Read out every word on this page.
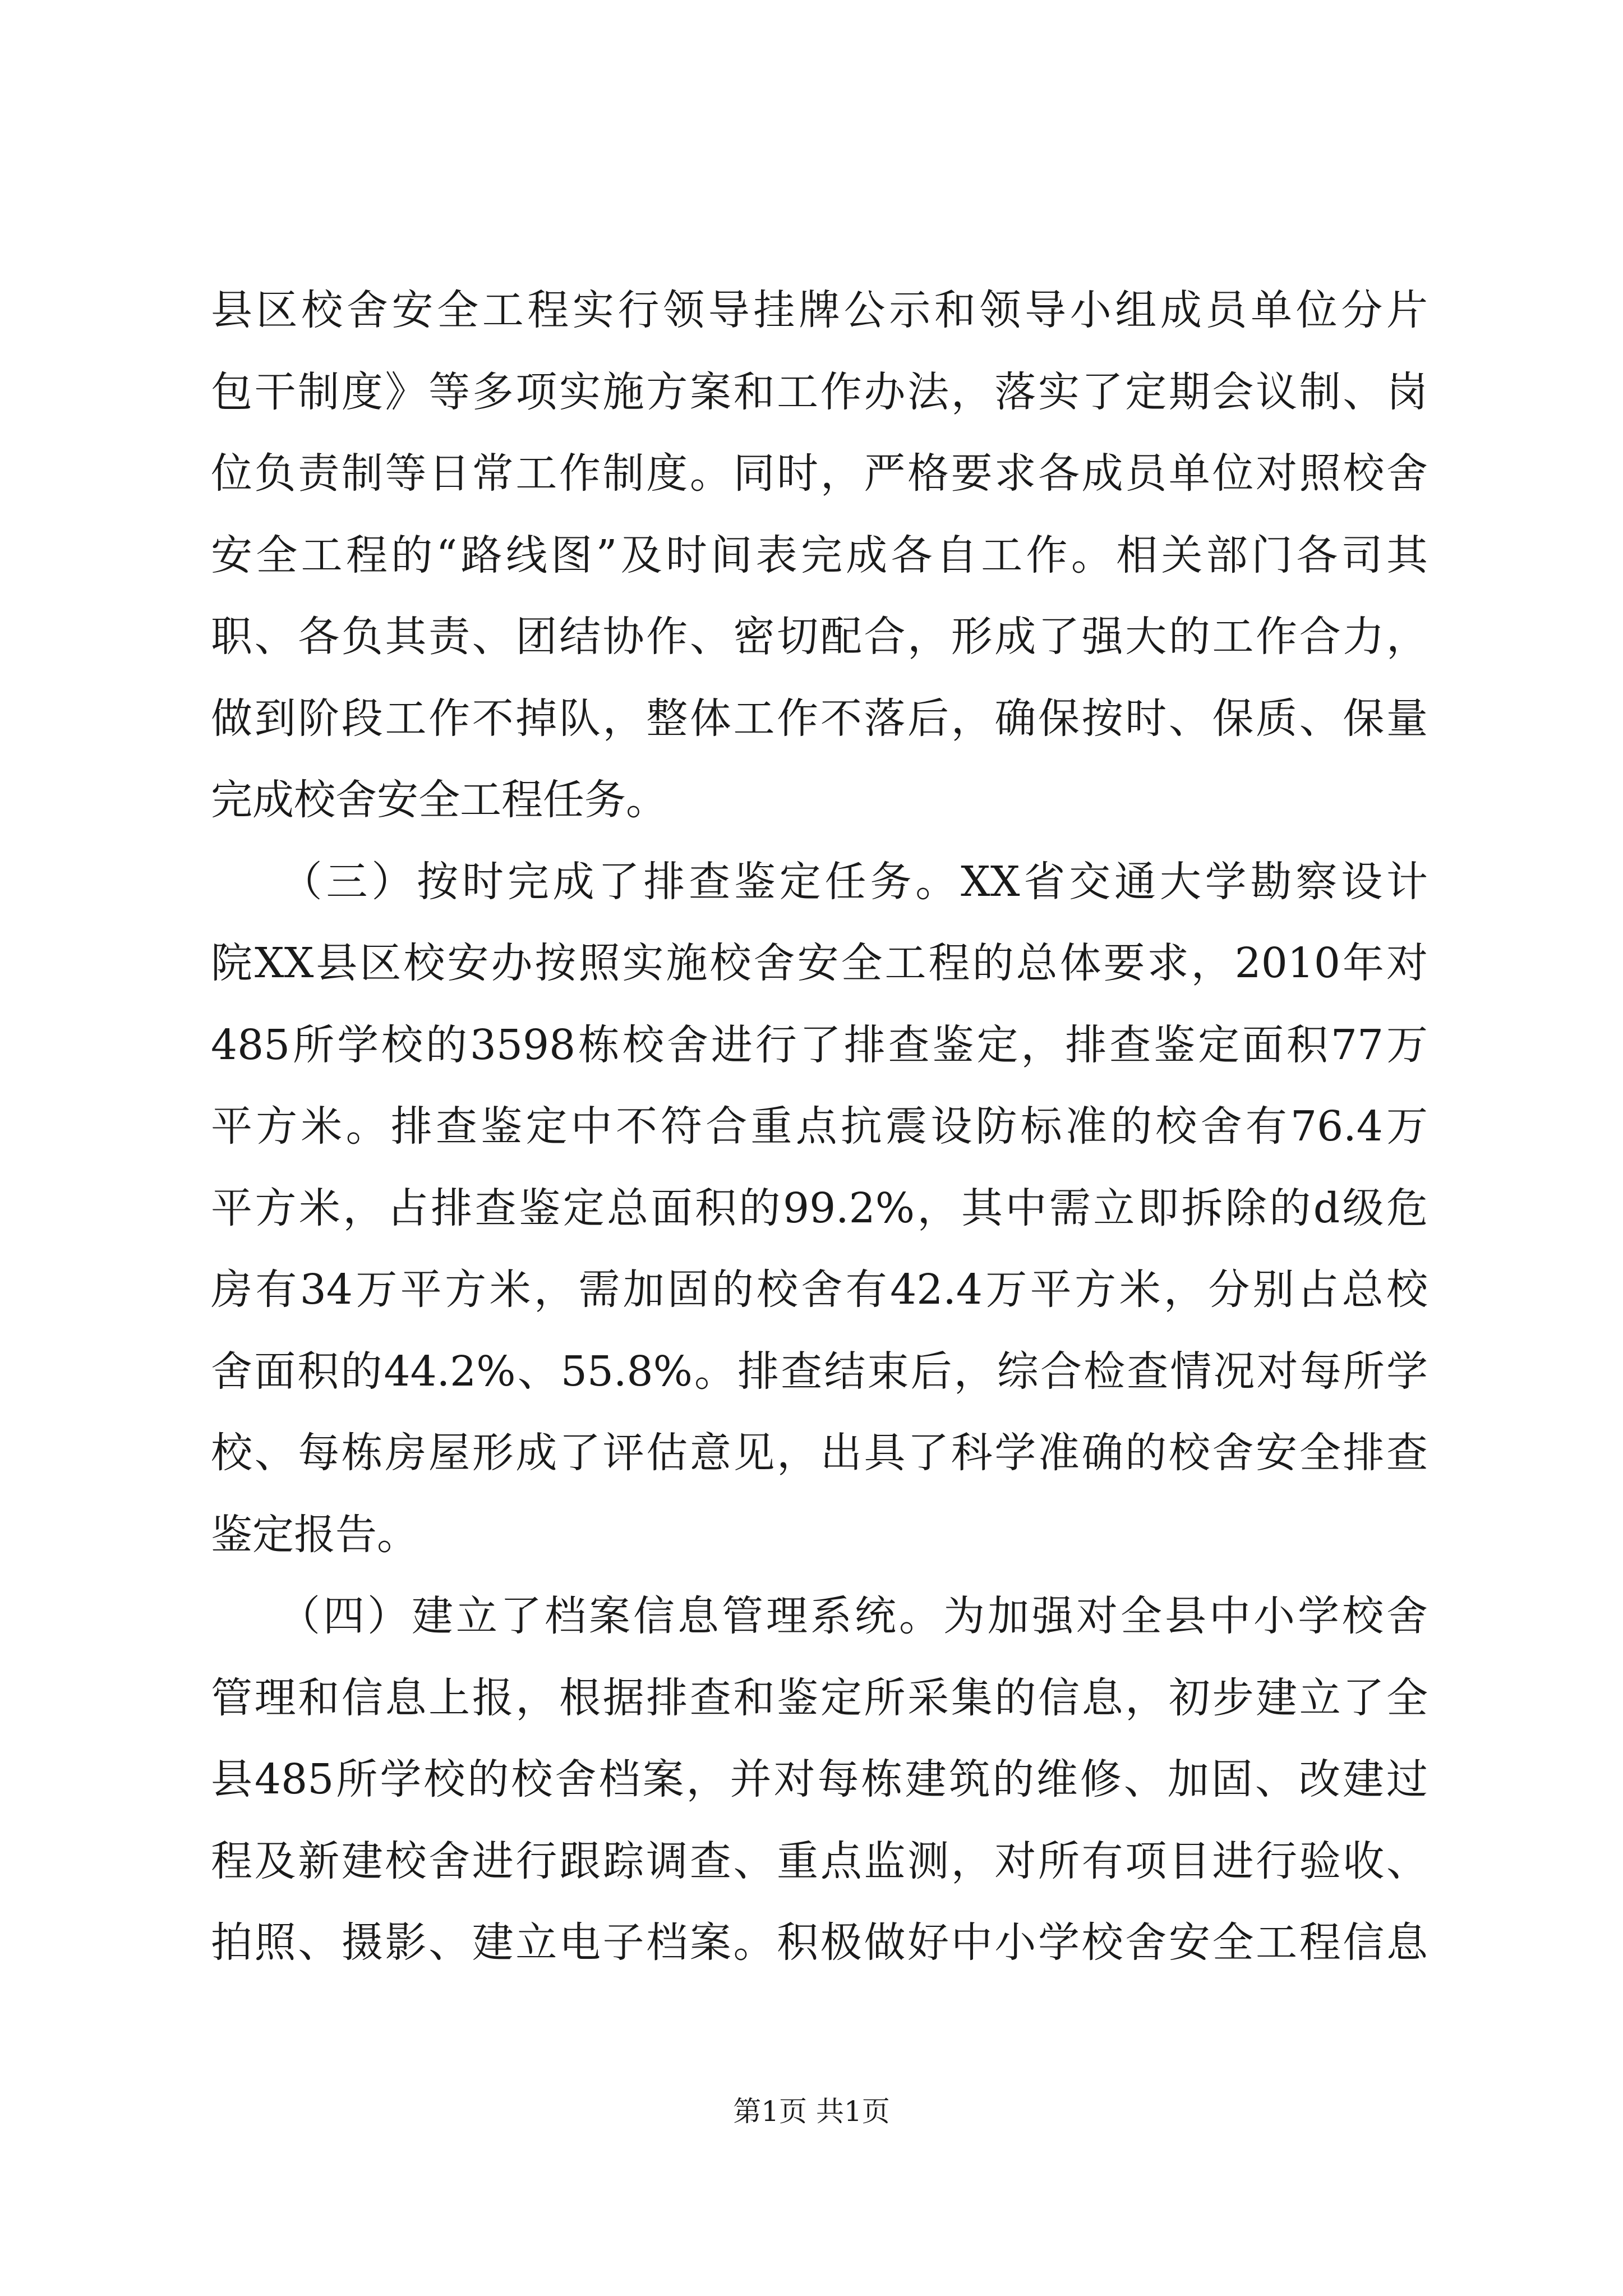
县区校舍安全工程实行领导挂牌公示和领导小组成员单位分片
包干制度》等多项实施方案和工作办法，落实了定期会议制、岗
位负责制等日常工作制度。同时，严格要求各成员单位对照校舍
安全工程的“路线图”及时间表完成各自工作。相关部门各司其
职、各负其责、团结协作、密切配合，形成了强大的工作合力，
做到阶段工作不掉队，整体工作不落后，确保按时、保质、保量
完成校舍安全工程任务。
　　（三）按时完成了排查鉴定任务。XX省交通大学勘察设计
院XX县区校安办按照实施校舍安全工程的总体要求，2010年对
485所学校的3598栋校舍进行了排查鉴定，排查鉴定面积77万
平方米。排查鉴定中不符合重点抗震设防标准的校舍有76.4万
平方米，占排查鉴定总面积的99.2%，其中需立即拆除的d级危
房有34万平方米，需加固的校舍有42.4万平方米，分别占总校
舍面积的44.2%、55.8%。排查结束后，综合检查情况对每所学
校、每栋房屋形成了评估意见，出具了科学准确的校舍安全排查
鉴定报告。
　　（四）建立了档案信息管理系统。为加强对全县中小学校舍
管理和信息上报，根据排查和鉴定所采集的信息，初步建立了全
县485所学校的校舍档案，并对每栋建筑的维修、加固、改建过
程及新建校舍进行跟踪调查、重点监测，对所有项目进行验收、
拍照、摄影、建立电子档案。积极做好中小学校舍安全工程信息
第1页 共1页
